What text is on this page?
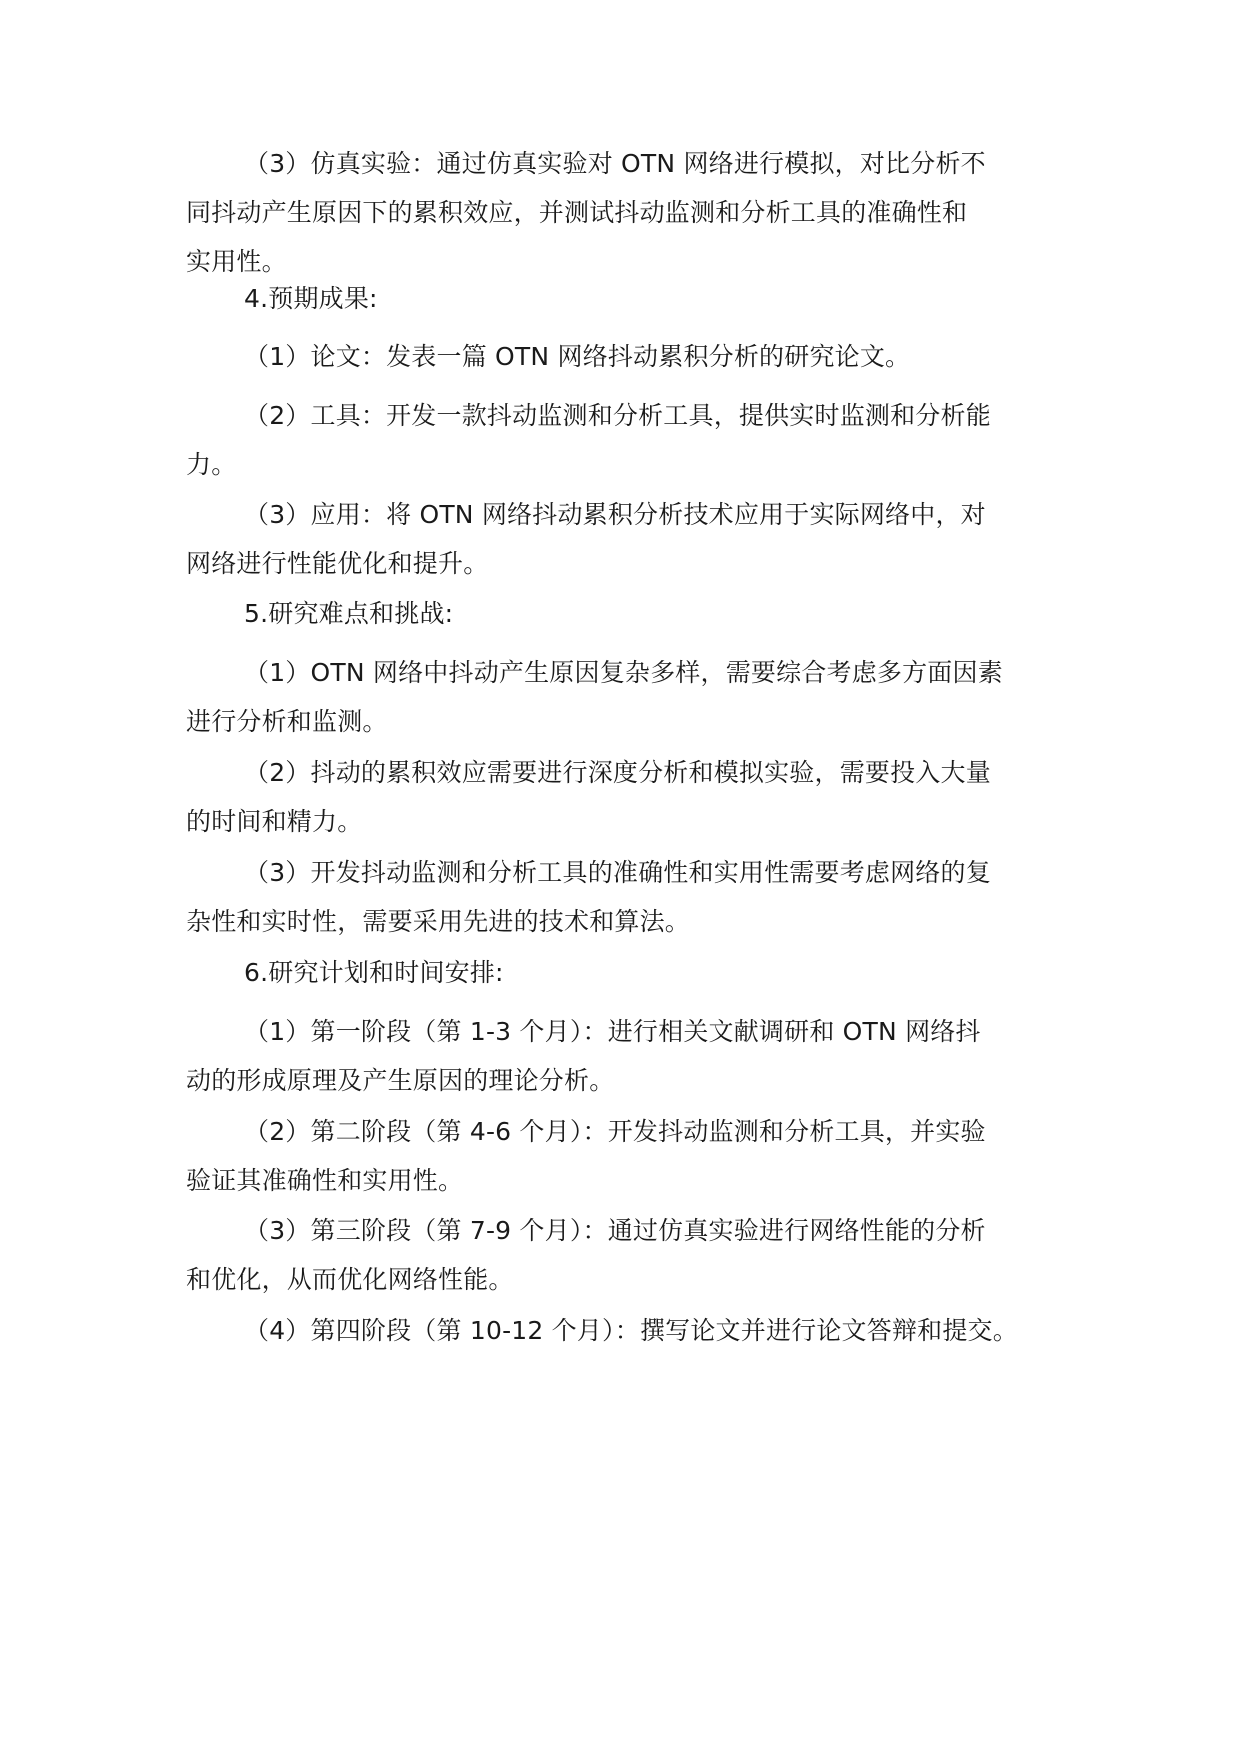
（3）仿真实验：通过仿真实验对 OTN 网络进行模拟，对比分析不
同抖动产生原因下的累积效应，并测试抖动监测和分析工具的准确性和
实用性。
4.预期成果:
（1）论文：发表一篇 OTN 网络抖动累积分析的研究论文。
（2）工具：开发一款抖动监测和分析工具，提供实时监测和分析能
力。
（3）应用：将 OTN 网络抖动累积分析技术应用于实际网络中，对
网络进行性能优化和提升。
5.研究难点和挑战:
（1）OTN 网络中抖动产生原因复杂多样，需要综合考虑多方面因素
进行分析和监测。
（2）抖动的累积效应需要进行深度分析和模拟实验，需要投入大量
的时间和精力。
（3）开发抖动监测和分析工具的准确性和实用性需要考虑网络的复
杂性和实时性，需要采用先进的技术和算法。
6.研究计划和时间安排:
（1）第一阶段（第 1-3 个月）：进行相关文献调研和 OTN 网络抖
动的形成原理及产生原因的理论分析。
（2）第二阶段（第 4-6 个月）：开发抖动监测和分析工具，并实验
验证其准确性和实用性。
（3）第三阶段（第 7-9 个月）：通过仿真实验进行网络性能的分析
和优化，从而优化网络性能。
（4）第四阶段（第 10-12 个月）：撰写论文并进行论文答辩和提交。
